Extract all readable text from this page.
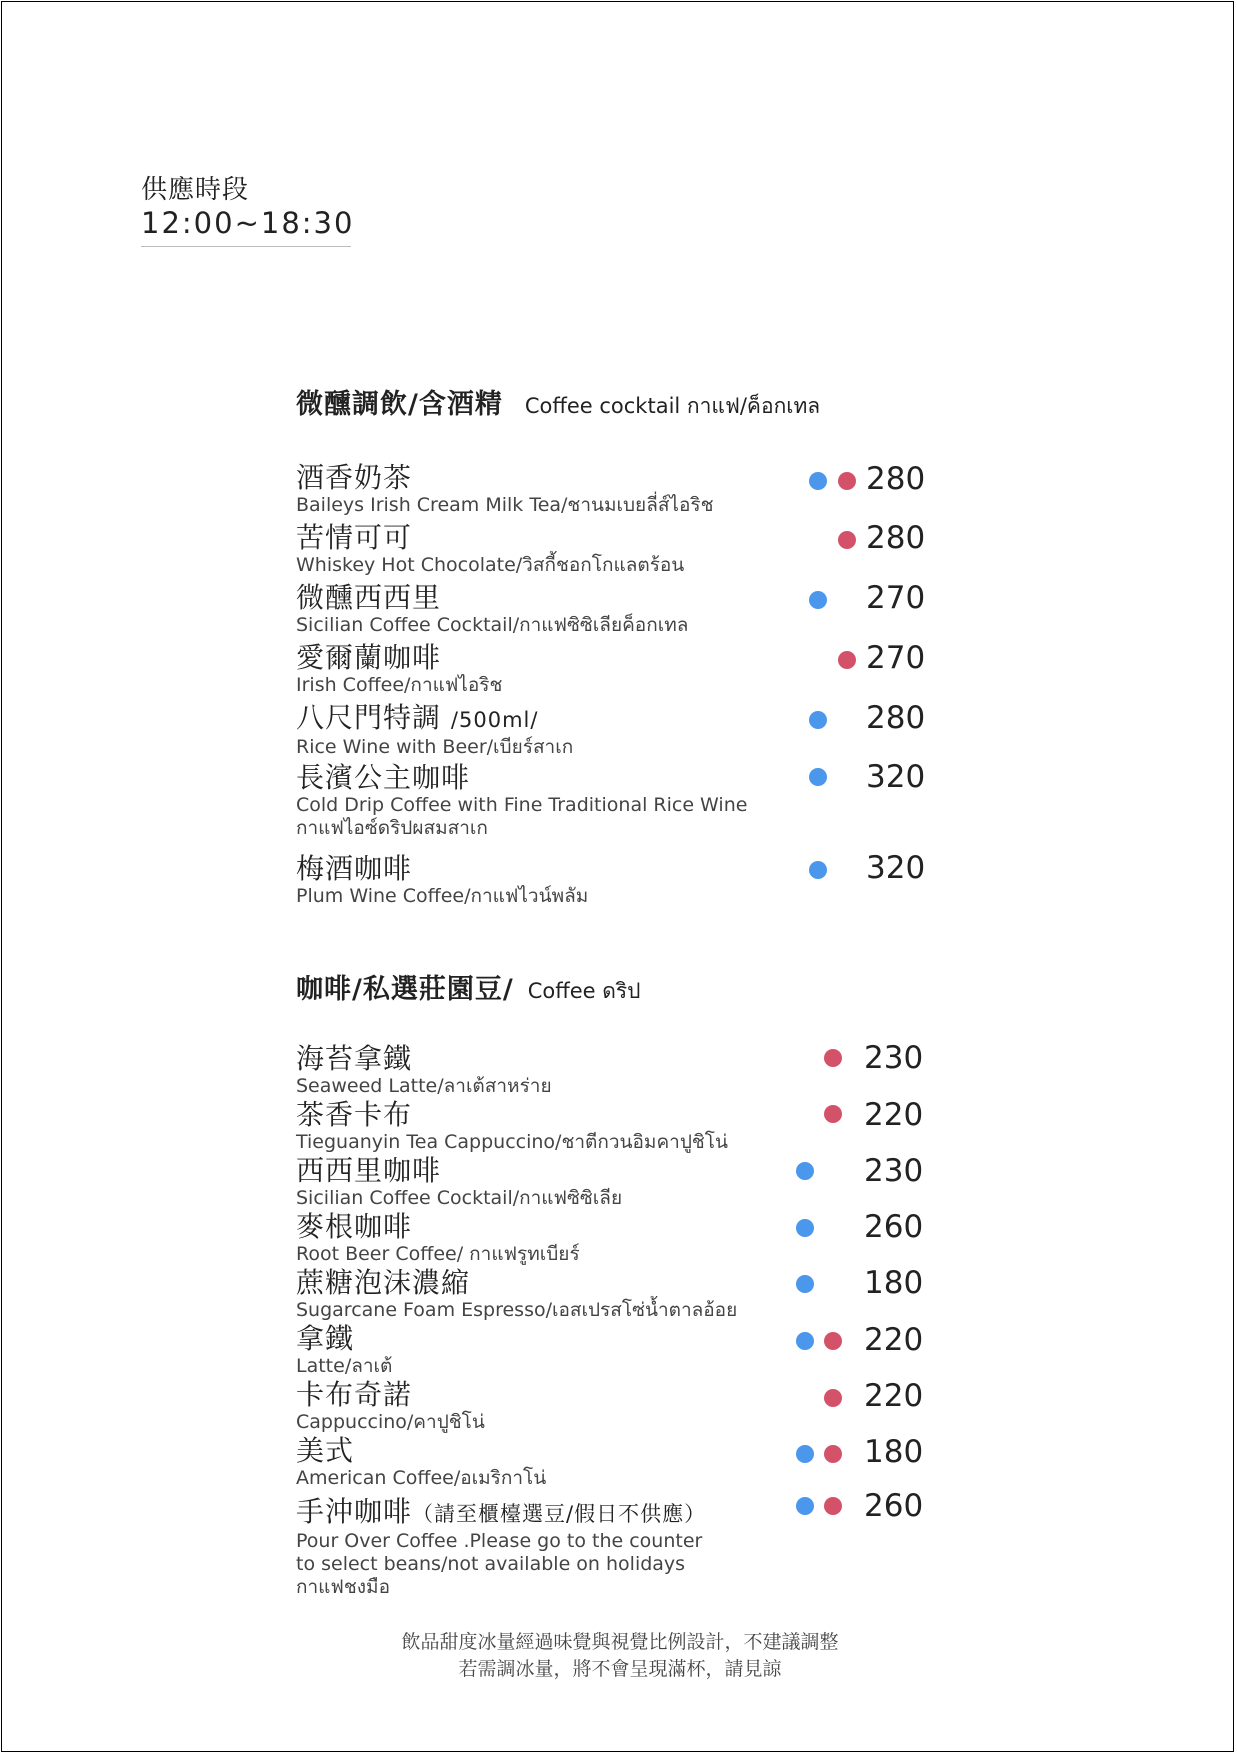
供應時段
12:00~18:30
微醺調飲/含酒精 Coffee cocktail กาแฟ/ค็อกเทล
酒香奶茶
Baileys Irish Cream Milk Tea/ชานมเบยลี่ส์ไอริช
280
苦情可可
Whiskey Hot Chocolate/วิสกี้ชอกโกแลตร้อน
280
微醺西西里
Sicilian Coffee Cocktail/กาแฟซิซิเลียค็อกเทล
270
愛爾蘭咖啡
Irish Coffee/กาแฟไอริช
270
八尺門特調 /500ml/
Rice Wine with Beer/เบียร์สาเก
280
長濱公主咖啡
Cold Drip Coffee with Fine Traditional Rice Wine กาแฟไอซ์ดริปผสมสาเก
320
梅酒咖啡
Plum Wine Coffee/กาแฟไวน์พลัม
320
咖啡/私選莊園豆/ Coffee ดริป
海苔拿鐵
Seaweed Latte/ลาเต้สาหร่าย
230
茶香卡布
Tieguanyin Tea Cappuccino/ชาตีกวนอิมคาปูชิโน่
220
西西里咖啡
Sicilian Coffee Cocktail/กาแฟซิซิเลีย
230
麥根咖啡
Root Beer Coffee/ กาแฟรูทเบียร์
260
蔗糖泡沫濃縮
Sugarcane Foam Espresso/เอสเปรสโซ่น้ำตาลอ้อย
180
拿鐵
Latte/ลาเต้
220
卡布奇諾
Cappuccino/คาปูชิโน่
220
美式
American Coffee/อเมริกาโน่
180
手沖咖啡（請至櫃檯選豆/假日不供應）
Pour Over Coffee .Please go to the counter to select beans/not available on holidays กาแฟชงมือ
260
飲品甜度冰量經過味覺與視覺比例設計，不建議調整
若需調冰量，將不會呈現滿杯，請見諒
